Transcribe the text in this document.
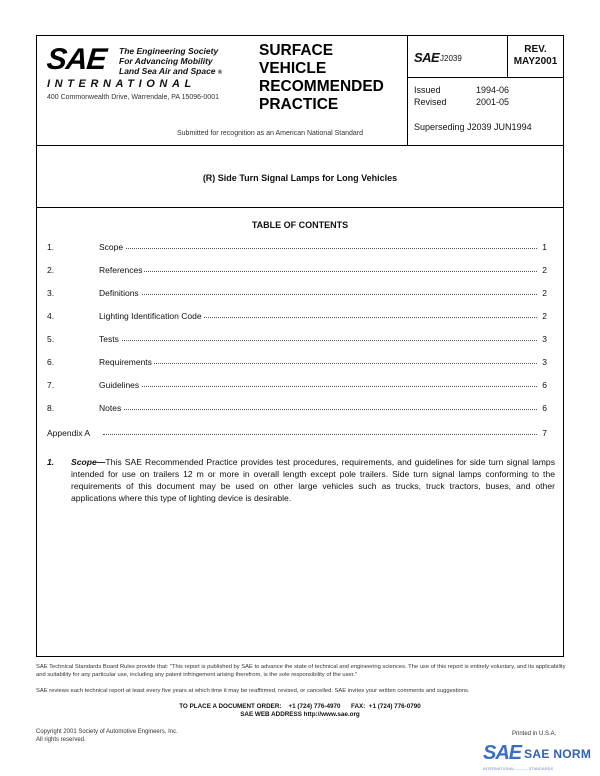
SAE The Engineering Society
For Advancing Mobility
Land Sea Air and Space ®
INTERNATIONAL
400 Commonwealth Drive, Warrendale, PA 15096-0001
SURFACE
VEHICLE
RECOMMENDED
PRACTICE
Submitted for recognition as an American National Standard
SAE J2039
REV.
MAY2001
Issued	1994-06
Revised	2001-05
Superseding J2039 JUN1994
(R) Side Turn Signal Lamps for Long Vehicles
TABLE OF CONTENTS
1.	Scope	1
2.	References	2
3.	Definitions	2
4.	Lighting Identification Code	2
5.	Tests	3
6.	Requirements	3
7.	Guidelines	6
8.	Notes	6
Appendix A	7
1. Scope—This SAE Recommended Practice provides test procedures, requirements, and guidelines for side turn signal lamps intended for use on trailers 12 m or more in overall length except pole trailers. Side turn signal lamps conforming to the requirements of this document may be used on other large vehicles such as trucks, truck tractors, buses, and other applications where this type of lighting device is desirable.
SAE Technical Standards Board Rules provide that: "This report is published by SAE to advance the state of technical and engineering sciences. The use of this report is entirely voluntary, and its applicability and suitability for any particular use, including any patent infringement arising therefrom, is the sole responsibility of the user."
SAE reviews each technical report at least every five years at which time it may be reaffirmed, revised, or cancelled. SAE invites your written comments and suggestions.
TO PLACE A DOCUMENT ORDER:    +1 (724) 776-4970      FAX:  +1 (724) 776-0790
SAE WEB ADDRESS http://www.sae.org
Copyright 2001 Society of Automotive Engineers, Inc.
All rights reserved.
Printed in U.S.A.
SAE SAE NORM
INTERNATIONAL ——— STANDARDS
